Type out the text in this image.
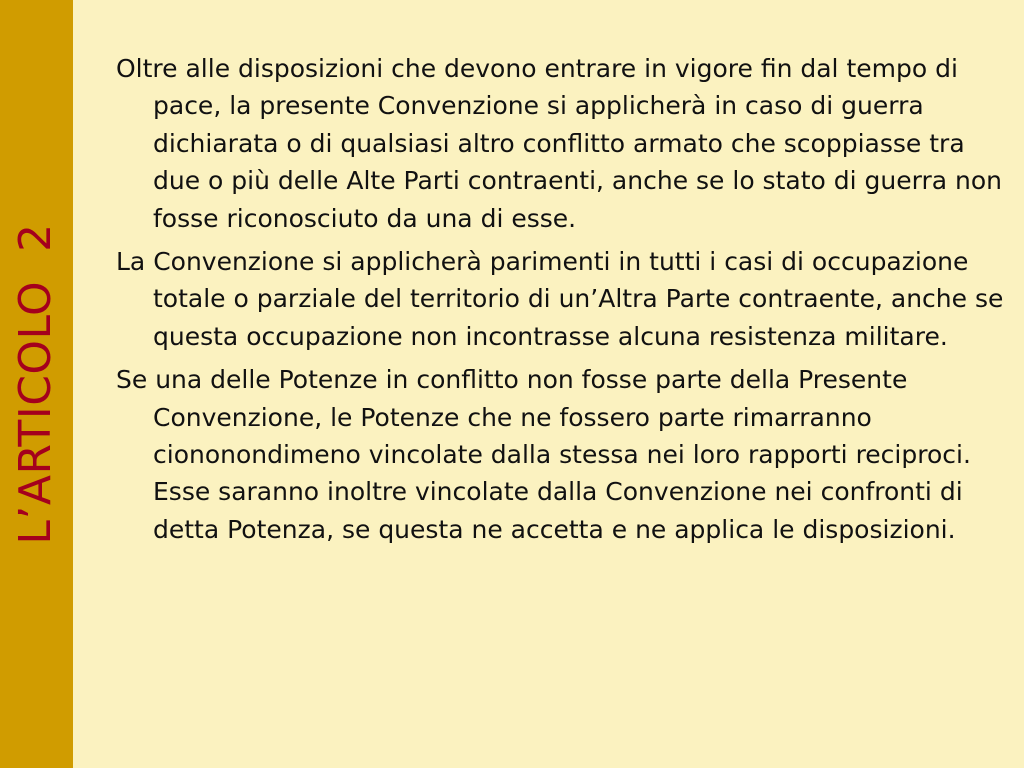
L’ARTICOLO  2

Oltre alle disposizioni che devono entrare in vigore fin dal tempo di pace, la presente Convenzione si applicherà in caso di guerra dichiarata o di qualsiasi altro conflitto armato che scoppiasse tra due o più delle Alte Parti contraenti, anche se lo stato di guerra non fosse riconosciuto da una di esse.

La Convenzione si applicherà parimenti in tutti i casi di occupazione totale o parziale del territorio di un’Altra Parte contraente, anche se questa occupazione non incontrasse alcuna resistenza militare.

Se una delle Potenze in conflitto non fosse parte della Presente Convenzione, le Potenze che ne fossero parte rimarranno ciononondimeno vincolate dalla stessa nei loro rapporti reciproci. Esse saranno inoltre vincolate dalla Convenzione nei confronti di detta Potenza, se questa ne accetta e ne applica le disposizioni.
